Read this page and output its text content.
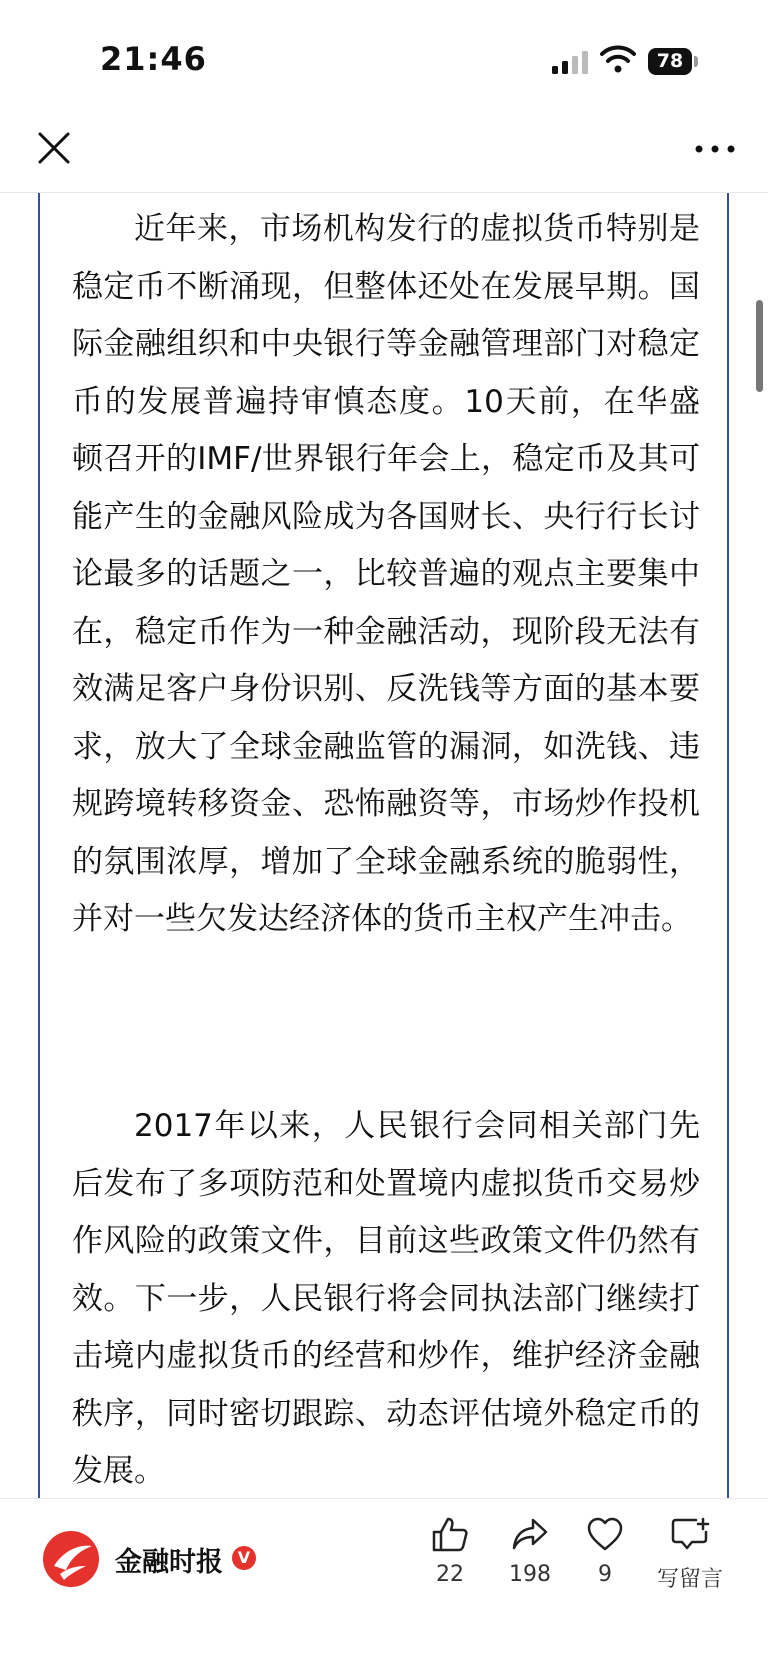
21:46	78

近年来，市场机构发行的虚拟货币特别是稳定币不断涌现，但整体还处在发展早期。国际金融组织和中央银行等金融管理部门对稳定币的发展普遍持审慎态度。10天前，在华盛顿召开的IMF/世界银行年会上，稳定币及其可能产生的金融风险成为各国财长、央行行长讨论最多的话题之一，比较普遍的观点主要集中在，稳定币作为一种金融活动，现阶段无法有效满足客户身份识别、反洗钱等方面的基本要求，放大了全球金融监管的漏洞，如洗钱、违规跨境转移资金、恐怖融资等，市场炒作投机的氛围浓厚，增加了全球金融系统的脆弱性，并对一些欠发达经济体的货币主权产生冲击。

2017年以来，人民银行会同相关部门先后发布了多项防范和处置境内虚拟货币交易炒作风险的政策文件，目前这些政策文件仍然有效。下一步，人民银行将会同执法部门继续打击境内虚拟货币的经营和炒作，维护经济金融秩序，同时密切跟踪、动态评估境外稳定币的发展。

金融时报 V
22	198	9	写留言
